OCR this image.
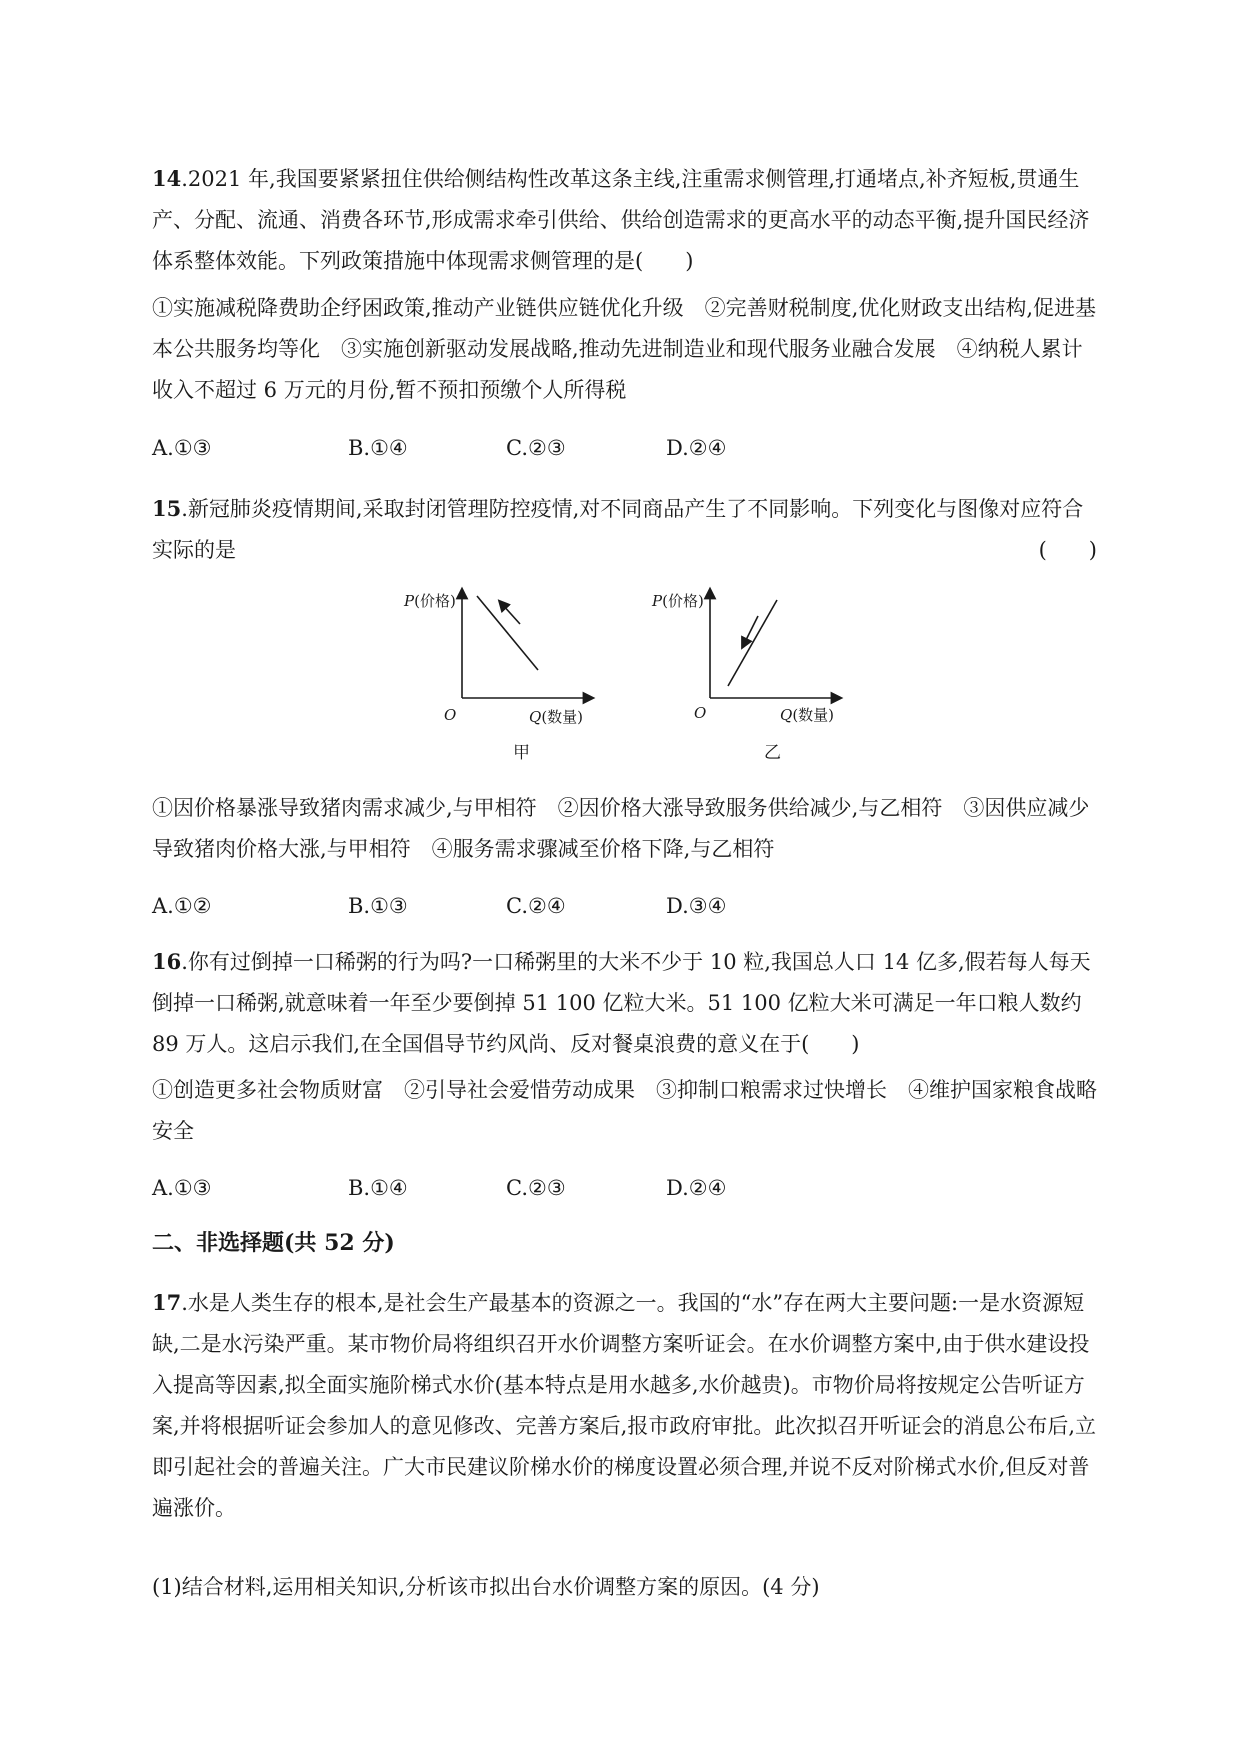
14.2021 年,我国要紧紧扭住供给侧结构性改革这条主线,注重需求侧管理,打通堵点,补齐短板,贯通生产、分配、流通、消费各环节,形成需求牵引供给、供给创造需求的更高水平的动态平衡,提升国民经济体系整体效能。下列政策措施中体现需求侧管理的是(　　)

①实施减税降费助企纾困政策,推动产业链供应链优化升级　②完善财税制度,优化财政支出结构,促进基本公共服务均等化　③实施创新驱动发展战略,推动先进制造业和现代服务业融合发展　④纳税人累计收入不超过 6 万元的月份,暂不预扣预缴个人所得税

A.①③	B.①④	C.②③	D.②④

15.新冠肺炎疫情期间,采取封闭管理防控疫情,对不同商品产生了不同影响。下列变化与图像对应符合实际的是	(　　)

P(价格)
O	Q(数量)
甲
P(价格)
O	Q(数量)
乙

①因价格暴涨导致猪肉需求减少,与甲相符　②因价格大涨导致服务供给减少,与乙相符　③因供应减少导致猪肉价格大涨,与甲相符　④服务需求骤减至价格下降,与乙相符

A.①②	B.①③	C.②④	D.③④

16.你有过倒掉一口稀粥的行为吗?一口稀粥里的大米不少于 10 粒,我国总人口 14 亿多,假若每人每天倒掉一口稀粥,就意味着一年至少要倒掉 51 100 亿粒大米。51 100 亿粒大米可满足一年口粮人数约 89 万人。这启示我们,在全国倡导节约风尚、反对餐桌浪费的意义在于(　　)

①创造更多社会物质财富　②引导社会爱惜劳动成果　③抑制口粮需求过快增长　④维护国家粮食战略安全

A.①③	B.①④	C.②③	D.②④
二、非选择题(共 52 分)

17.水是人类生存的根本,是社会生产最基本的资源之一。我国的“水”存在两大主要问题:一是水资源短缺,二是水污染严重。某市物价局将组织召开水价调整方案听证会。在水价调整方案中,由于供水建设投入提高等因素,拟全面实施阶梯式水价(基本特点是用水越多,水价越贵)。市物价局将按规定公告听证方案,并将根据听证会参加人的意见修改、完善方案后,报市政府审批。此次拟召开听证会的消息公布后,立即引起社会的普遍关注。广大市民建议阶梯水价的梯度设置必须合理,并说不反对阶梯式水价,但反对普遍涨价。

(1)结合材料,运用相关知识,分析该市拟出台水价调整方案的原因。(4 分)
